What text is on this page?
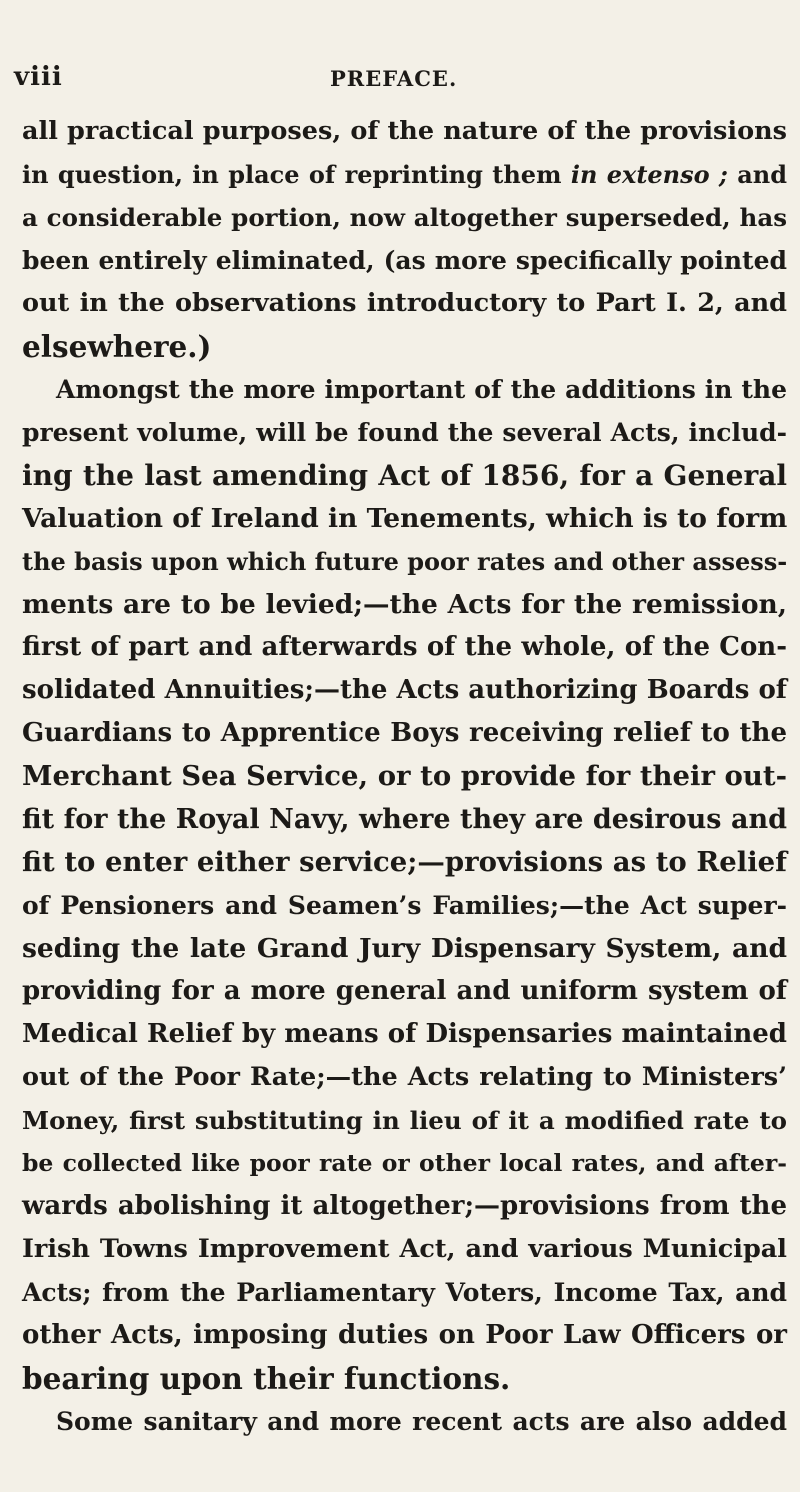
viii	PREFACE.
all practical purposes, of the nature of the provisions
in question, in place of reprinting them in extenso ; and
a considerable portion, now altogether superseded, has
been entirely eliminated, (as more specifically pointed
out in the observations introductory to Part I. 2, and
elsewhere.)
Amongst the more important of the additions in the
present volume, will be found the several Acts, includ-
ing the last amending Act of 1856, for a General
Valuation of Ireland in Tenements, which is to form
the basis upon which future poor rates and other assess-
ments are to be levied;—the Acts for the remission,
first of part and afterwards of the whole, of the Con-
solidated Annuities;—the Acts authorizing Boards of
Guardians to Apprentice Boys receiving relief to the
Merchant Sea Service, or to provide for their out-
fit for the Royal Navy, where they are desirous and
fit to enter either service;—provisions as to Relief
of Pensioners and Seamen’s Families;—the Act super-
seding the late Grand Jury Dispensary System, and
providing for a more general and uniform system of
Medical Relief by means of Dispensaries maintained
out of the Poor Rate;—the Acts relating to Ministers’
Money, first substituting in lieu of it a modified rate to
be collected like poor rate or other local rates, and after-
wards abolishing it altogether;—provisions from the
Irish Towns Improvement Act, and various Municipal
Acts; from the Parliamentary Voters, Income Tax, and
other Acts, imposing duties on Poor Law Officers or
bearing upon their functions.
Some sanitary and more recent acts are also added
